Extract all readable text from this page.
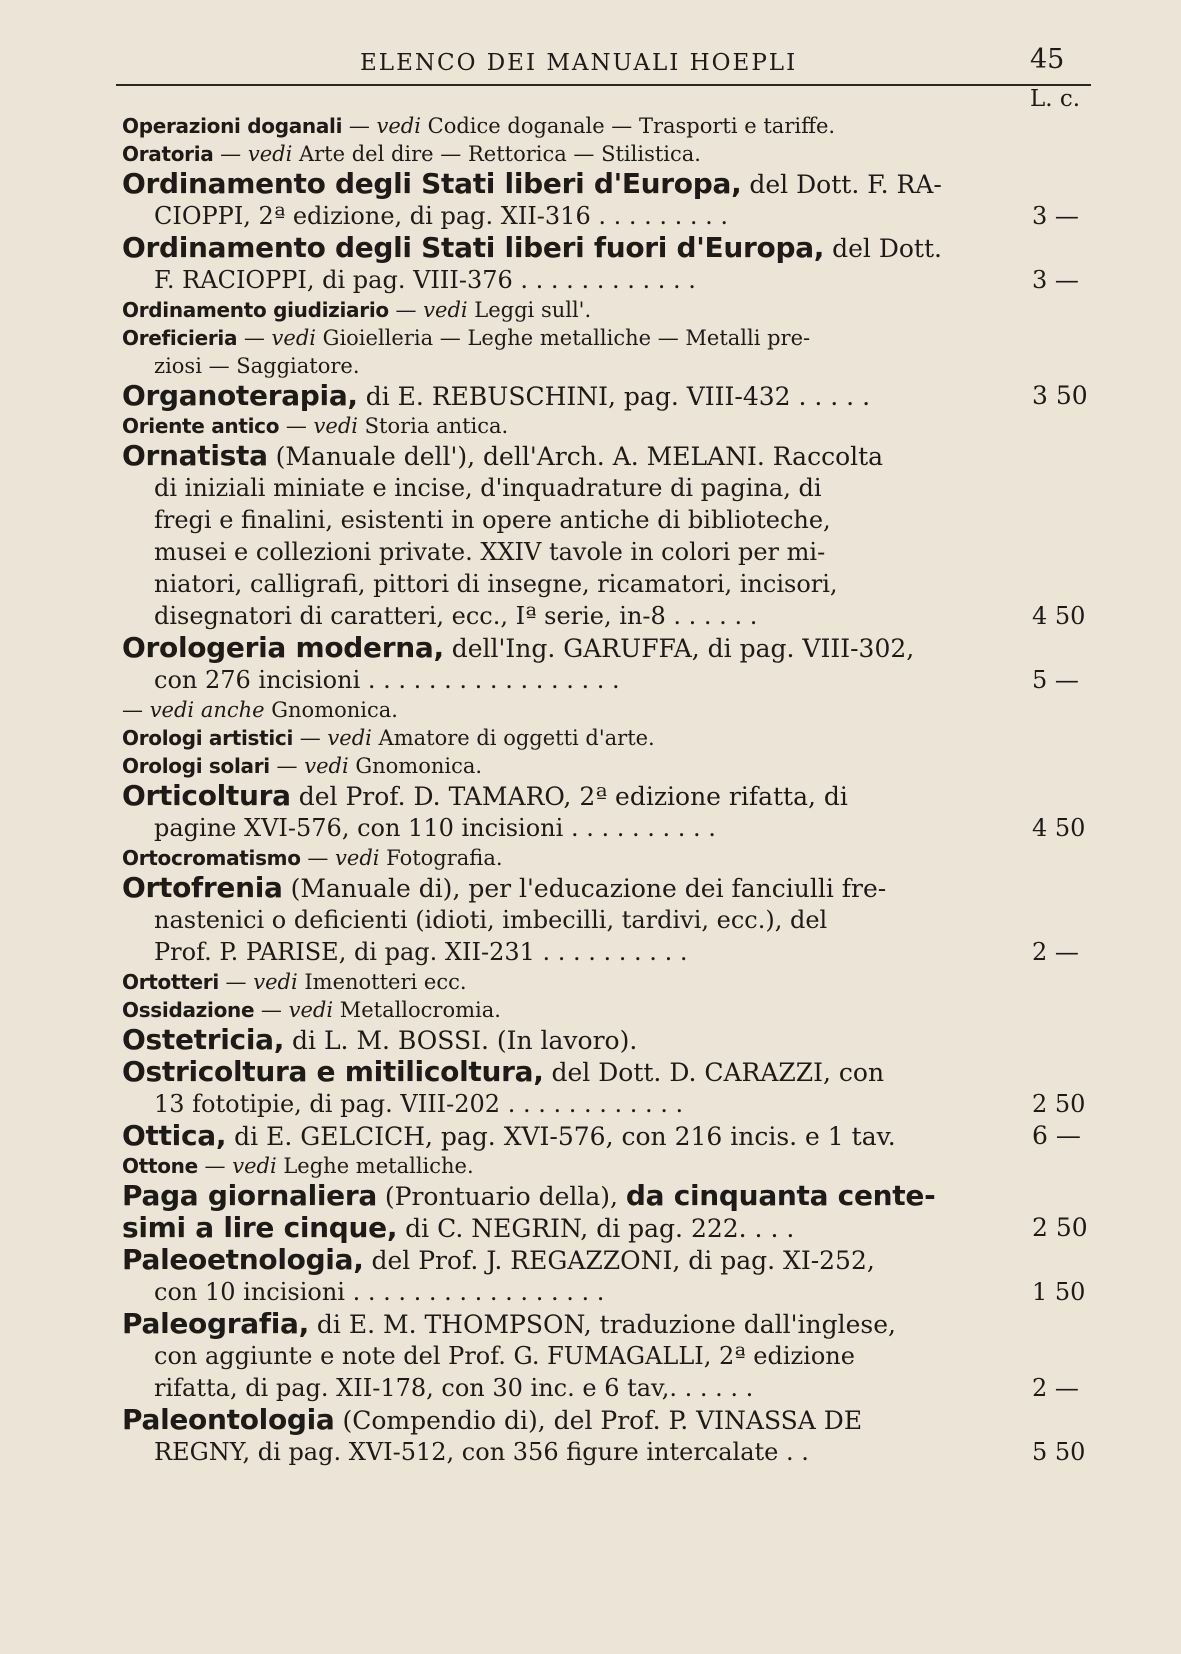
ELENCO DEI MANUALI HOEPLI	45
L. c.
Operazioni doganali — vedi Codice doganale — Trasporti e tariffe.
Oratoria — vedi Arte del dire — Rettorica — Stilistica.
Ordinamento degli Stati liberi d'Europa, del Dott. F. RA-
CIOPPI, 2ª edizione, di pag. XII-316 . . . . . . . . .	3 —
Ordinamento degli Stati liberi fuori d'Europa, del Dott.
F. RACIOPPI, di pag. VIII-376 . . . . . . . . . . . .	3 —
Ordinamento giudiziario — vedi Leggi sull'.
Oreficieria — vedi Gioielleria — Leghe metalliche — Metalli pre-
ziosi — Saggiatore.
Organoterapia, di E. REBUSCHINI, pag. VIII-432 . . . . .	3 50
Oriente antico — vedi Storia antica.
Ornatista (Manuale dell'), dell'Arch. A. MELANI. Raccolta
di iniziali miniate e incise, d'inquadrature di pagina, di
fregi e finalini, esistenti in opere antiche di biblioteche,
musei e collezioni private. XXIV tavole in colori per mi-
niatori, calligrafi, pittori di insegne, ricamatori, incisori,
disegnatori di caratteri, ecc., Iª serie, in-8 . . . . . .	4 50
Orologeria moderna, dell'Ing. GARUFFA, di pag. VIII-302,
con 276 incisioni . . . . . . . . . . . . . . . . .	5 —
— vedi anche Gnomonica.
Orologi artistici — vedi Amatore di oggetti d'arte.
Orologi solari — vedi Gnomonica.
Orticoltura del Prof. D. TAMARO, 2ª edizione rifatta, di
pagine XVI-576, con 110 incisioni . . . . . . . . . .	4 50
Ortocromatismo — vedi Fotografia.
Ortofrenia (Manuale di), per l'educazione dei fanciulli fre-
nastenici o deficienti (idioti, imbecilli, tardivi, ecc.), del
Prof. P. PARISE, di pag. XII-231 . . . . . . . . . .	2 —
Ortotteri — vedi Imenotteri ecc.
Ossidazione — vedi Metallocromia.
Ostetricia, di L. M. BOSSI. (In lavoro).
Ostricoltura e mitilicoltura, del Dott. D. CARAZZI, con
13 fototipie, di pag. VIII-202 . . . . . . . . . . . .	2 50
Ottica, di E. GELCICH, pag. XVI-576, con 216 incis. e 1 tav.	6 —
Ottone — vedi Leghe metalliche.
Paga giornaliera (Prontuario della), da cinquanta cente-
simi a lire cinque, di C. NEGRIN, di pag. 222. . . .	2 50
Paleoetnologia, del Prof. J. REGAZZONI, di pag. XI-252,
con 10 incisioni . . . . . . . . . . . . . . . . .	1 50
Paleografia, di E. M. THOMPSON, traduzione dall'inglese,
con aggiunte e note del Prof. G. FUMAGALLI, 2ª edizione
rifatta, di pag. XII-178, con 30 inc. e 6 tav,. . . . . .	2 —
Paleontologia (Compendio di), del Prof. P. VINASSA DE
REGNY, di pag. XVI-512, con 356 figure intercalate . .	5 50
